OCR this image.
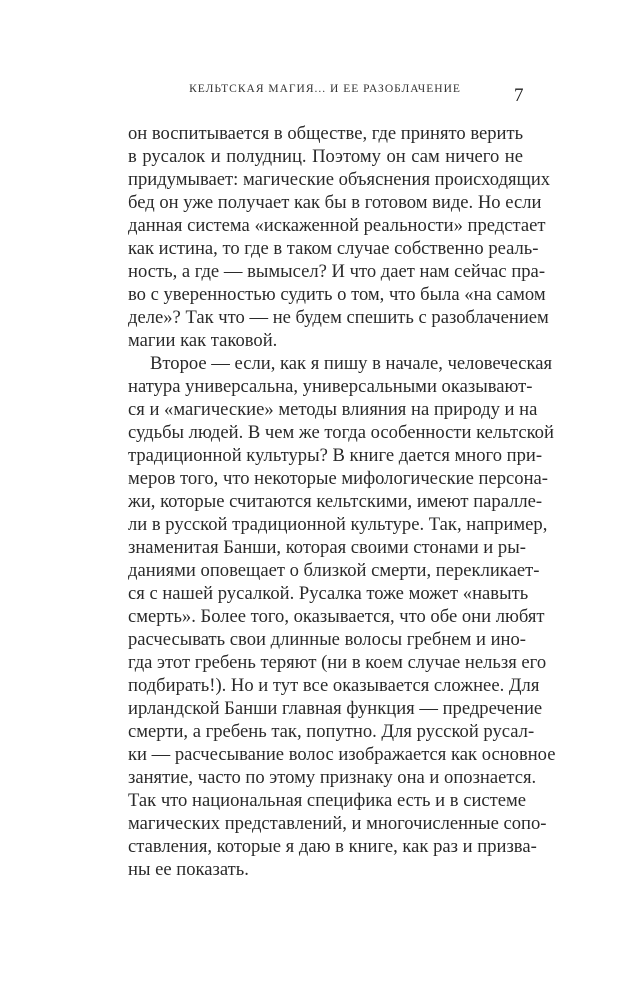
КЕЛЬТСКАЯ МАГИЯ... И ЕЕ РАЗОБЛАЧЕНИЕ	7
он воспитывается в обществе, где принято верить
в русалок и полудниц. Поэтому он сам ничего не
придумывает: магические объяснения происходящих
бед он уже получает как бы в готовом виде. Но если
данная система «искаженной реальности» предстает
как истина, то где в таком случае собственно реаль-
ность, а где — вымысел? И что дает нам сейчас пра-
во с уверенностью судить о том, что была «на самом
деле»? Так что — не будем спешить с разоблачением
магии как таковой.
Второе — если, как я пишу в начале, человеческая
натура универсальна, универсальными оказывают-
ся и «магические» методы влияния на природу и на
судьбы людей. В чем же тогда особенности кельтской
традиционной культуры? В книге дается много при-
меров того, что некоторые мифологические персона-
жи, которые считаются кельтскими, имеют паралле-
ли в русской традиционной культуре. Так, например,
знаменитая Банши, которая своими стонами и ры-
даниями оповещает о близкой смерти, перекликает-
ся с нашей русалкой. Русалка тоже может «навыть
смерть». Более того, оказывается, что обе они любят
расчесывать свои длинные волосы гребнем и ино-
гда этот гребень теряют (ни в коем случае нельзя его
подбирать!). Но и тут все оказывается сложнее. Для
ирландской Банши главная функция — предречение
смерти, а гребень так, попутно. Для русской русал-
ки — расчесывание волос изображается как основное
занятие, часто по этому признаку она и опознается.
Так что национальная специфика есть и в системе
магических представлений, и многочисленные сопо-
ставления, которые я даю в книге, как раз и призва-
ны ее показать.
